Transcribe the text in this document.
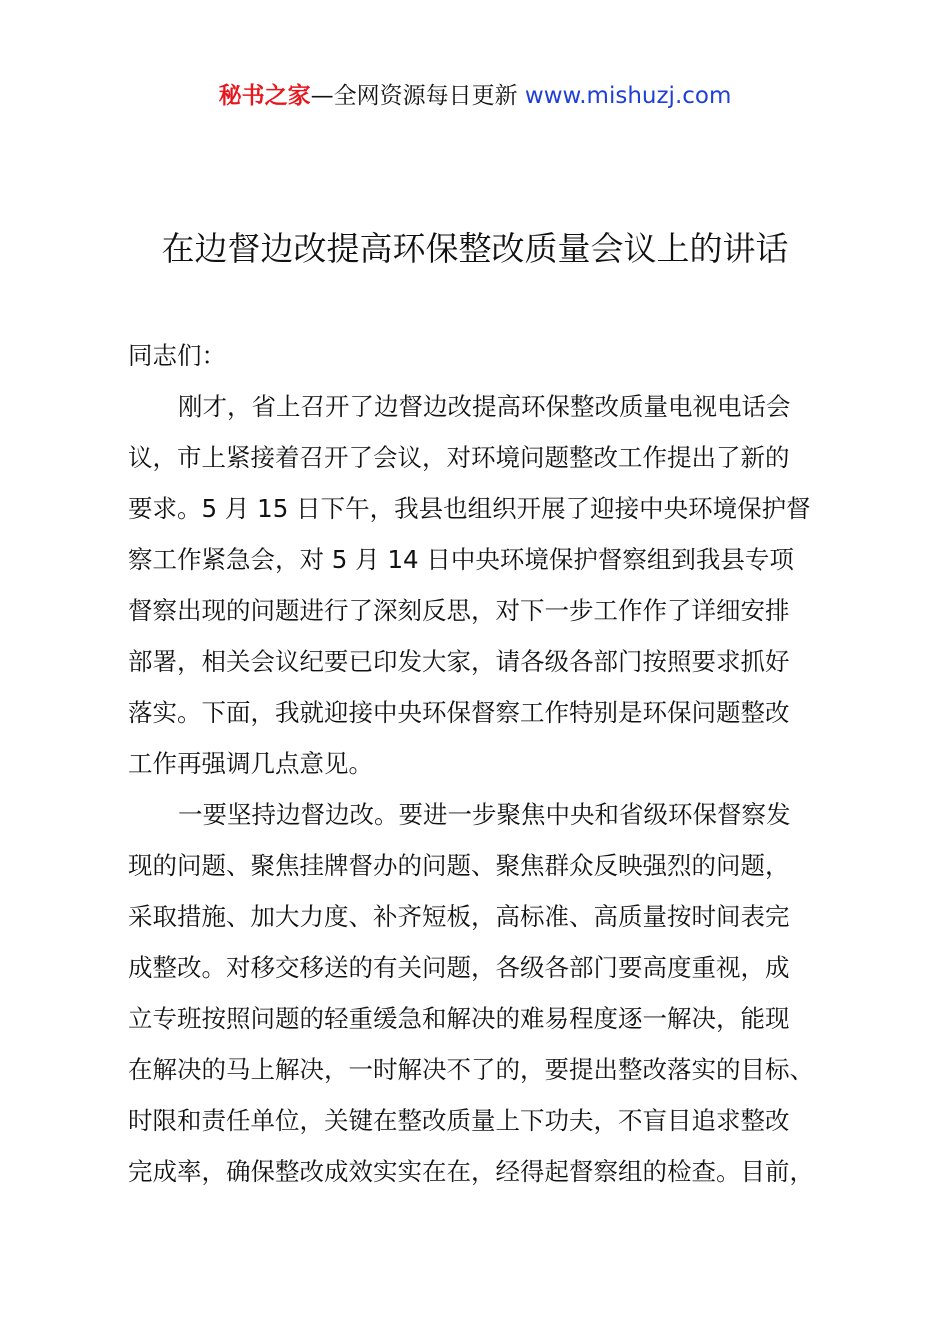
秘书之家—全网资源每日更新 www.mishuzj.com
在边督边改提高环保整改质量会议上的讲话
同志们：
刚才，省上召开了边督边改提高环保整改质量电视电话会
议，市上紧接着召开了会议，对环境问题整改工作提出了新的
要求。5 月 15 日下午，我县也组织开展了迎接中央环境保护督
察工作紧急会，对 5 月 14 日中央环境保护督察组到我县专项
督察出现的问题进行了深刻反思，对下一步工作作了详细安排
部署，相关会议纪要已印发大家，请各级各部门按照要求抓好
落实。下面，我就迎接中央环保督察工作特别是环保问题整改
工作再强调几点意见。
一要坚持边督边改。要进一步聚焦中央和省级环保督察发
现的问题、聚焦挂牌督办的问题、聚焦群众反映强烈的问题，
采取措施、加大力度、补齐短板，高标准、高质量按时间表完
成整改。对移交移送的有关问题，各级各部门要高度重视，成
立专班按照问题的轻重缓急和解决的难易程度逐一解决，能现
在解决的马上解决，一时解决不了的，要提出整改落实的目标、
时限和责任单位，关键在整改质量上下功夫，不盲目追求整改
完成率，确保整改成效实实在在，经得起督察组的检查。目前，
